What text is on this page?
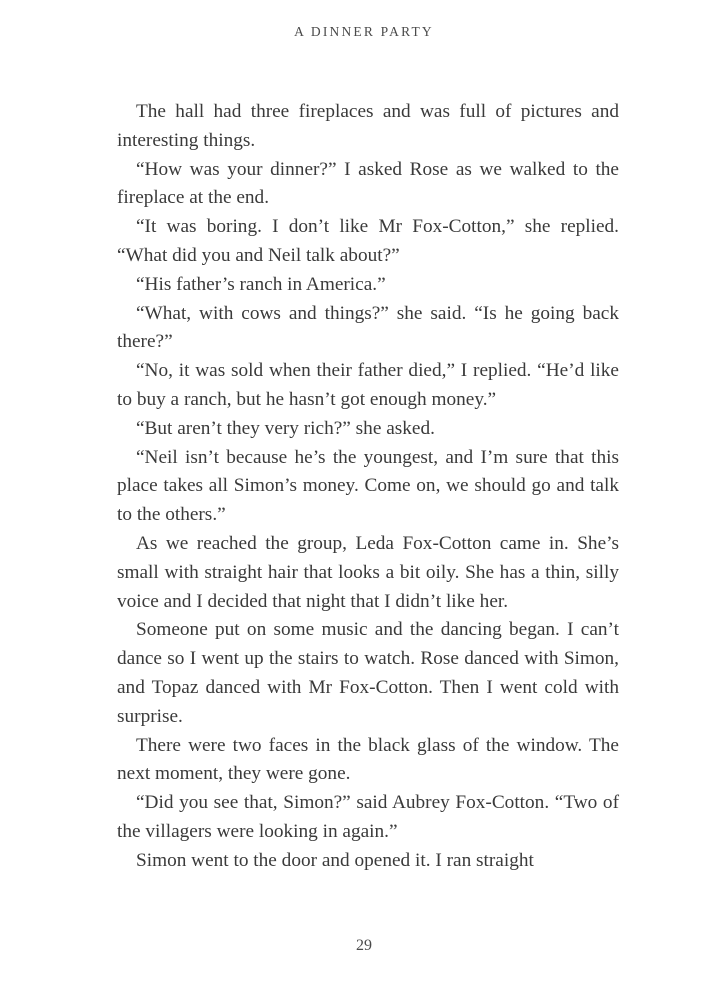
A DINNER PARTY

The hall had three fireplaces and was full of pictures and interesting things.

“How was your dinner?” I asked Rose as we walked to the fireplace at the end.

“It was boring. I don’t like Mr Fox-Cotton,” she replied. “What did you and Neil talk about?”

“His father’s ranch in America.”

“What, with cows and things?” she said. “Is he going back there?”

“No, it was sold when their father died,” I replied. “He’d like to buy a ranch, but he hasn’t got enough money.”

“But aren’t they very rich?” she asked.

“Neil isn’t because he’s the youngest, and I’m sure that this place takes all Simon’s money. Come on, we should go and talk to the others.”

As we reached the group, Leda Fox-Cotton came in. She’s small with straight hair that looks a bit oily. She has a thin, silly voice and I decided that night that I didn’t like her.

Someone put on some music and the dancing began. I can’t dance so I went up the stairs to watch. Rose danced with Simon, and Topaz danced with Mr Fox-Cotton. Then I went cold with surprise.

There were two faces in the black glass of the window. The next moment, they were gone.

“Did you see that, Simon?” said Aubrey Fox-Cotton. “Two of the villagers were looking in again.”

Simon went to the door and opened it. I ran straight

29
